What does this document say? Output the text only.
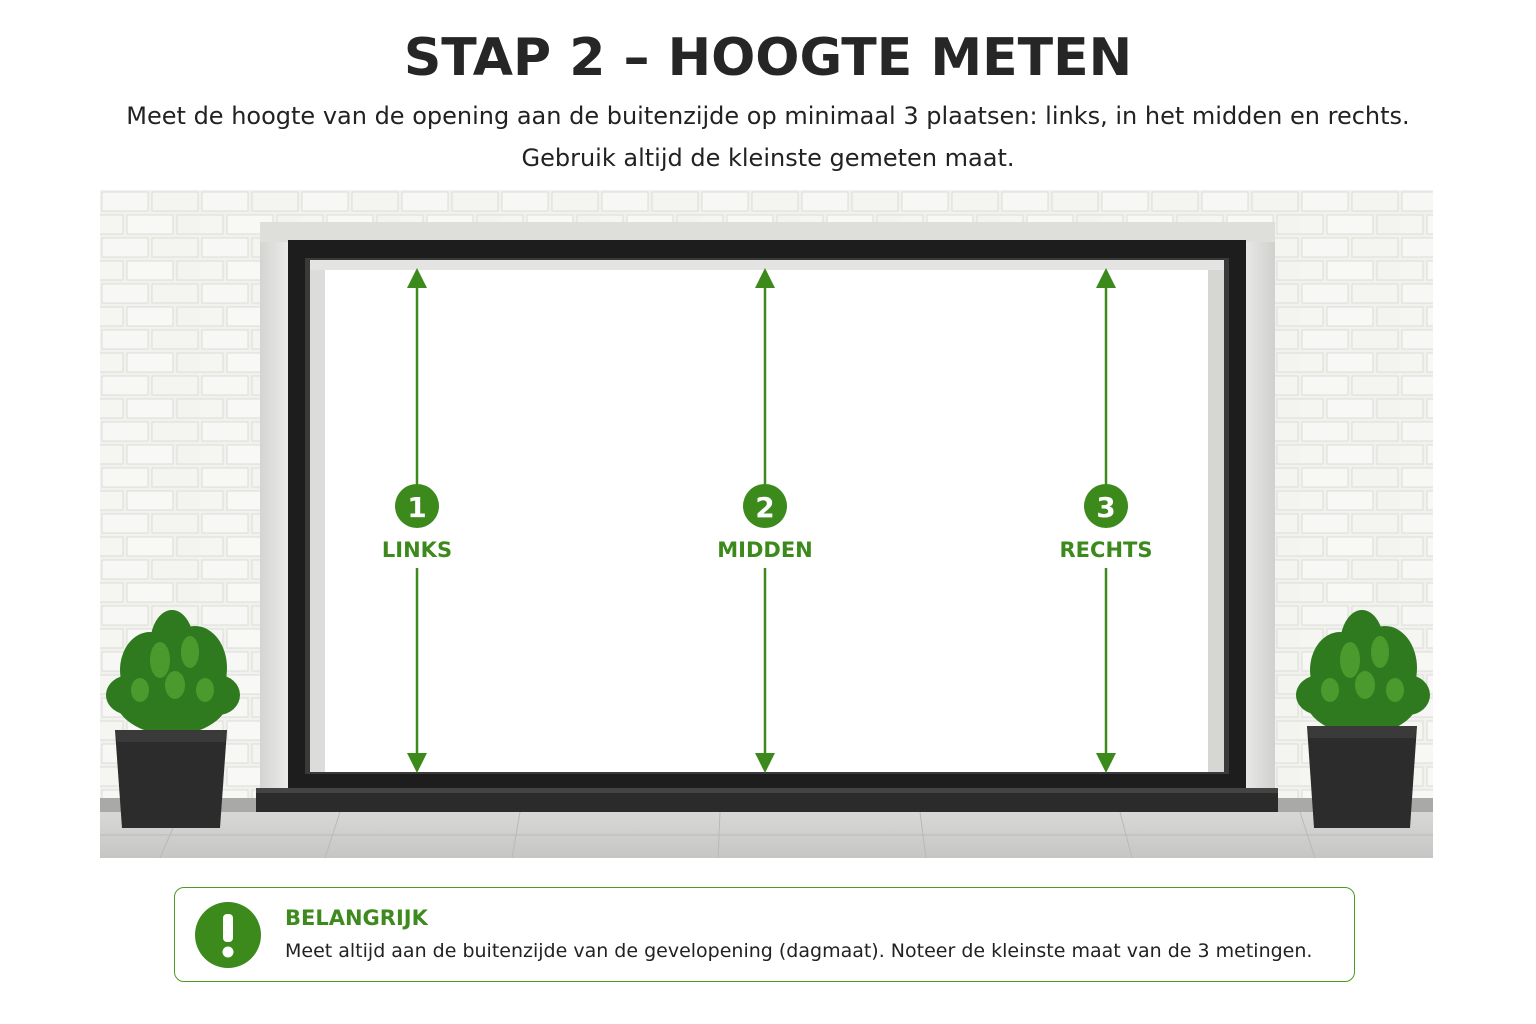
STAP 2 – HOOGTE METEN
Meet de hoogte van de opening aan de buitenzijde op minimaal 3 plaatsen: links, in het midden en rechts.
Gebruik altijd de kleinste gemeten maat.
1	2	3
LINKS	MIDDEN	RECHTS
BELANGRIJK
Meet altijd aan de buitenzijde van de gevelopening (dagmaat). Noteer de kleinste maat van de 3 metingen.
